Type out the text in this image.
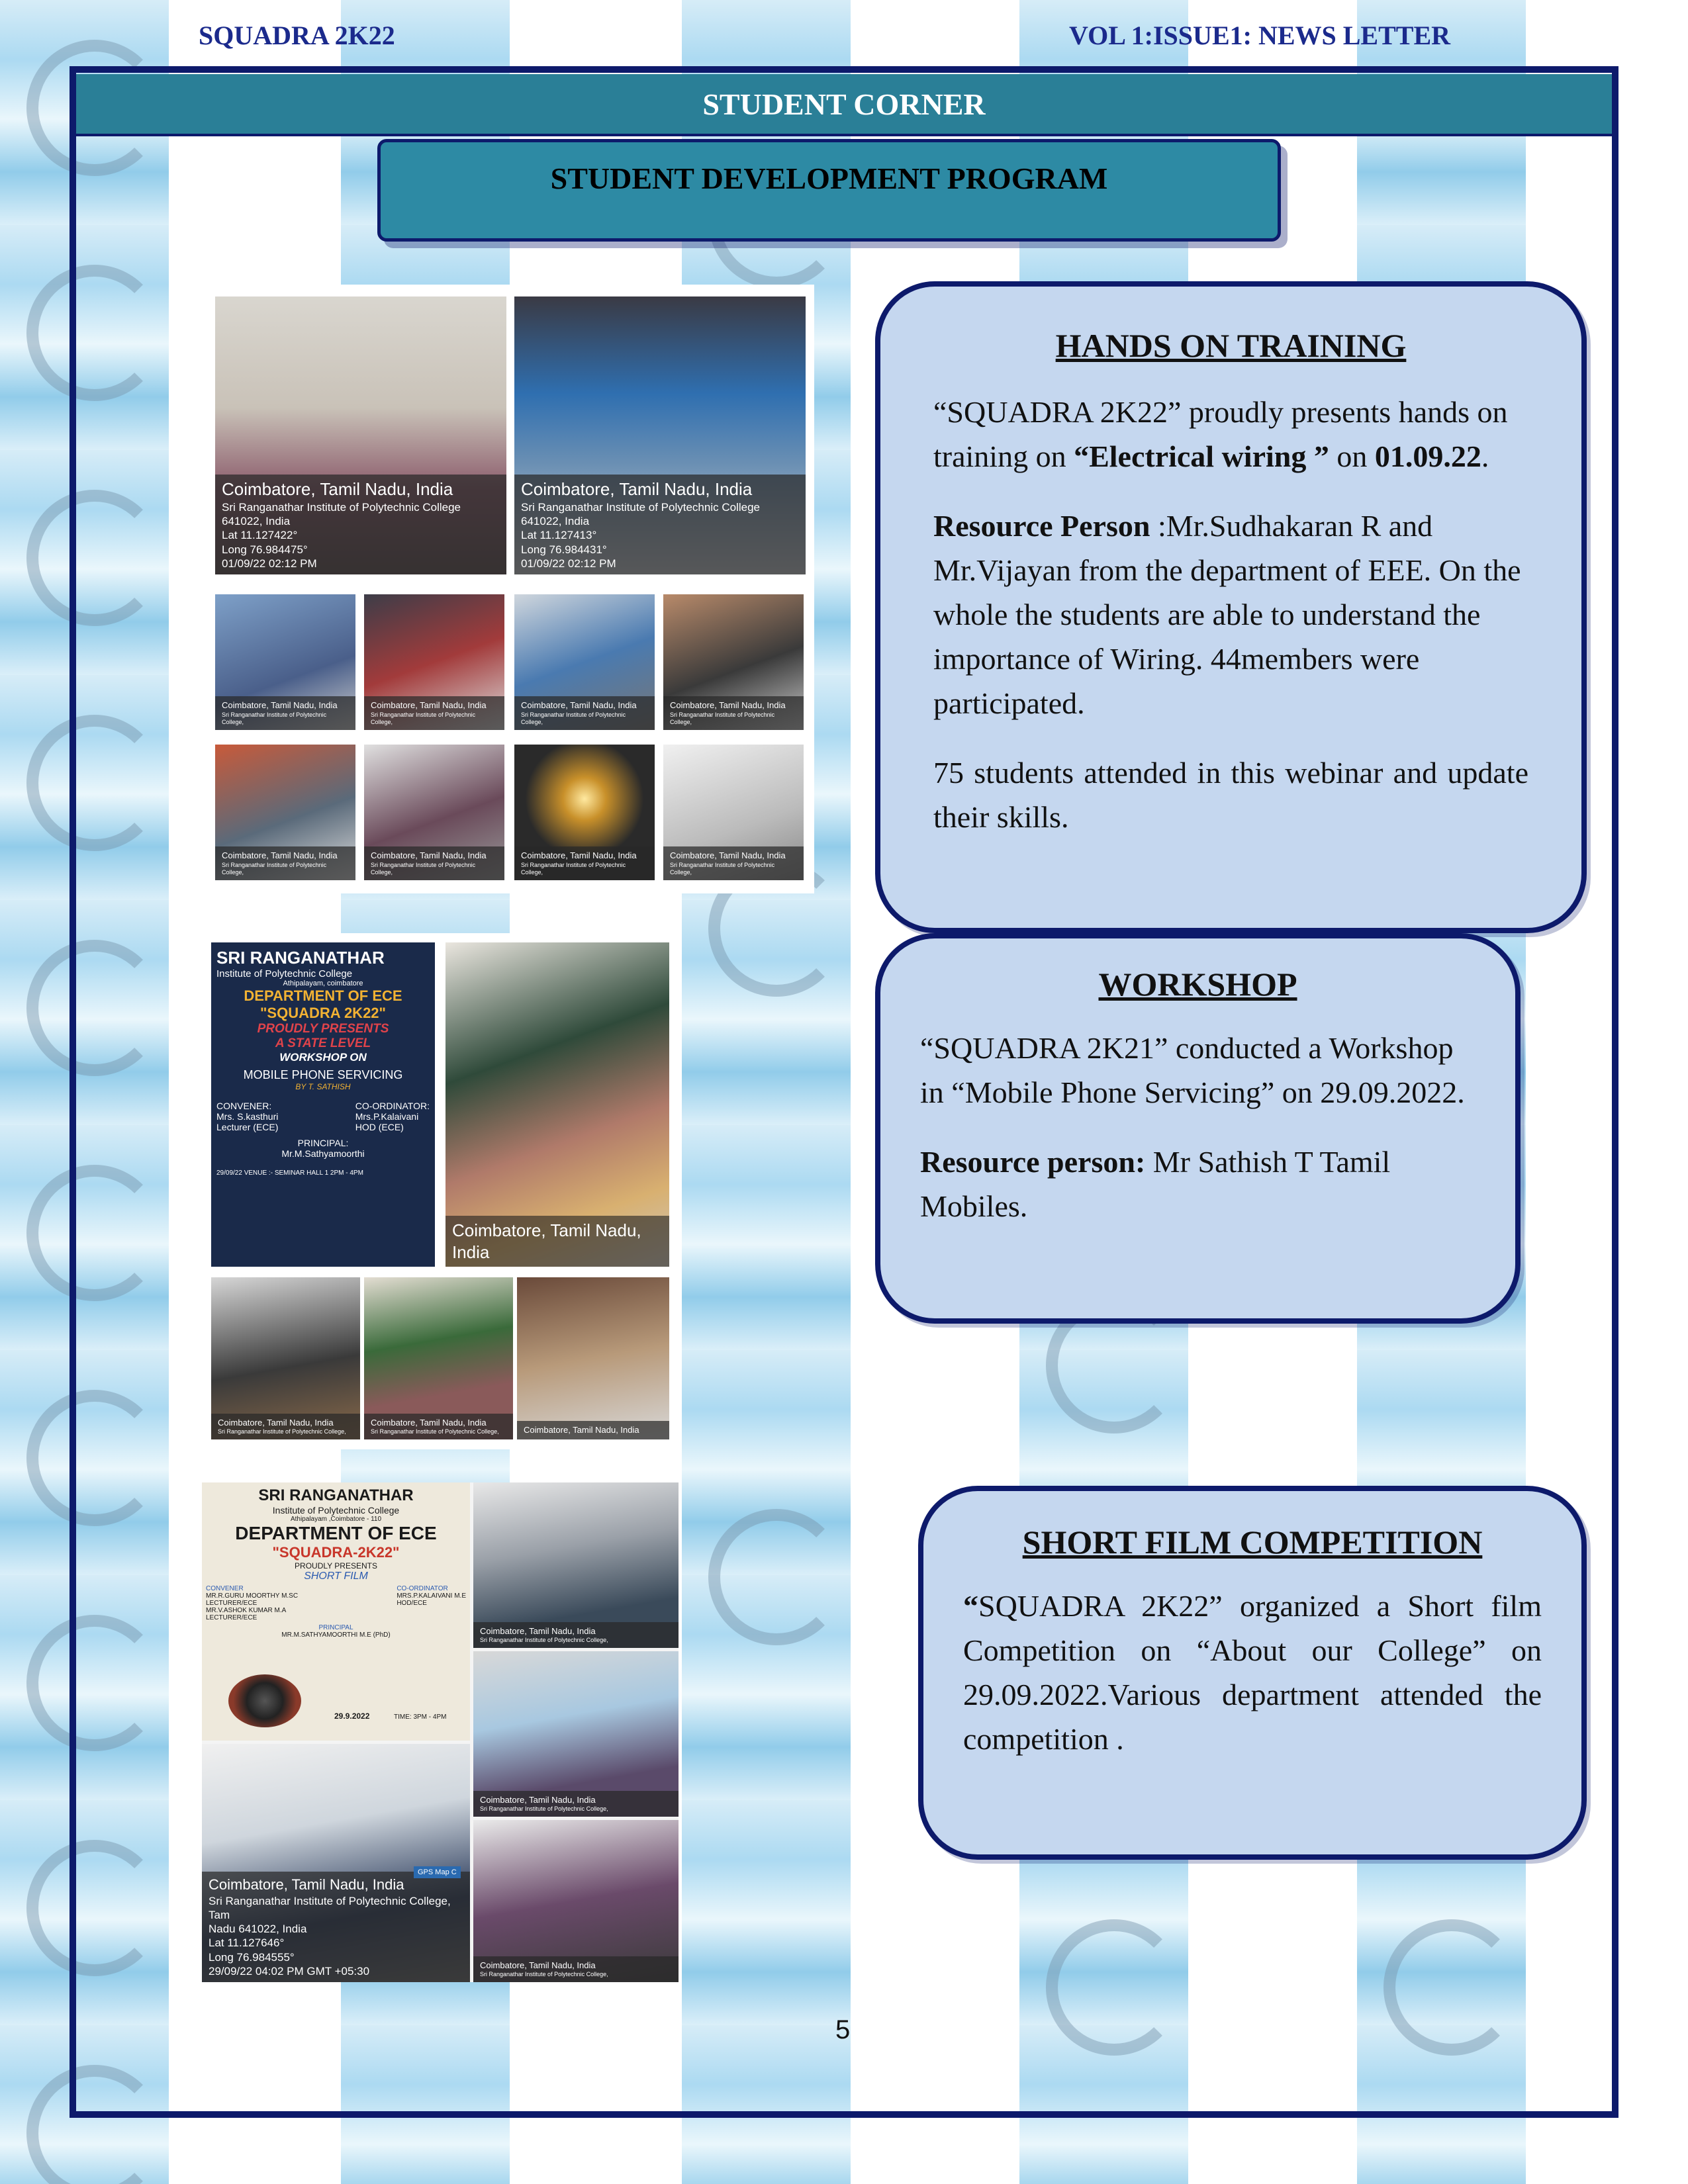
SQUADRA 2K22	VOL 1:ISSUE1: NEWS LETTER
STUDENT CORNER
STUDENT DEVELOPMENT PROGRAM
Coimbatore, Tamil Nadu, India
Sri Ranganathar Institute of Polytechnic College
641022, India
Lat 11.127422°
Long 76.984475°
01/09/22 02:12 PM
Coimbatore, Tamil Nadu, India
Sri Ranganathar Institute of Polytechnic College
641022, India
Lat 11.127413°
Long 76.984431°
01/09/22 02:12 PM
Coimbatore, Tamil Nadu, India
Sri Ranganathar Institute of Polytechnic College,
Coimbatore, Tamil Nadu, India
Sri Ranganathar Institute of Polytechnic College,
Coimbatore, Tamil Nadu, India
Sri Ranganathar Institute of Polytechnic College,
Coimbatore, Tamil Nadu, India
Sri Ranganathar Institute of Polytechnic College,
Coimbatore, Tamil Nadu, India
Sri Ranganathar Institute of Polytechnic College,
Coimbatore, Tamil Nadu, India
Sri Ranganathar Institute of Polytechnic College,
Coimbatore, Tamil Nadu, India
Sri Ranganathar Institute of Polytechnic College,
Coimbatore, Tamil Nadu, India
Sri Ranganathar Institute of Polytechnic College,
HANDS ON TRAINING

“SQUADRA 2K22” proudly presents hands on training on “Electrical wiring ” on 01.09.22.

Resource Person :Mr.Sudhakaran R and Mr.Vijayan from the department of EEE. On the whole the students are able to understand the importance of Wiring. 44members were participated.

75 students attended in this webinar and update their skills.

SRI RANGANATHAR
Institute of Polytechnic College
Athipalayam, coimbatore
DEPARTMENT OF ECE
"SQUADRA 2K22"
PROUDLY PRESENTS
A STATE LEVEL
WORKSHOP ON
MOBILE PHONE SERVICING
BY T. SATHISH
CONVENER:
Mrs. S.kasthuri
Lecturer (ECE)
CO-ORDINATOR:
Mrs.P.Kalaivani
HOD (ECE)
PRINCIPAL:
Mr.M.Sathyamoorthi
29/09/22 VENUE :- SEMINAR HALL 1 2PM - 4PM
Coimbatore, Tamil Nadu, India
Coimbatore, Tamil Nadu, India
Sri Ranganathar Institute of Polytechnic College,
Coimbatore, Tamil Nadu, India
Sri Ranganathar Institute of Polytechnic College,	Coimbatore, Tamil Nadu, India
WORKSHOP

“SQUADRA 2K21” conducted a Workshop in “Mobile Phone Servicing” on 29.09.2022.

Resource person: Mr Sathish T Tamil Mobiles.

SRI RANGANATHAR
Institute of Polytechnic College
Athipalayam ,Coimbatore - 110
DEPARTMENT OF ECE
"SQUADRA-2K22"
PROUDLY PRESENTS
SHORT FILM
CONVENER
MR.R.GURU MOORTHY M.SC
LECTURER/ECE
MR.V.ASHOK KUMAR M.A
LECTURER/ECE
CO-ORDINATOR
MRS.P.KALAIVANI M.E
HOD/ECE
PRINCIPAL
MR.M.SATHYAMOORTHI M.E (PhD)
29.9.2022	TIME: 3PM - 4PM
Coimbatore, Tamil Nadu, India
Sri Ranganathar Institute of Polytechnic College,
Coimbatore, Tamil Nadu, India
Sri Ranganathar Institute of Polytechnic College,
Coimbatore, Tamil Nadu, India
Sri Ranganathar Institute of Polytechnic College, Tam
Nadu 641022, India
Lat 11.127646°
Long 76.984555°
29/09/22 04:02 PM GMT +05:30	Coimbatore, Tamil Nadu, India
Sri Ranganathar Institute of Polytechnic College,
GPS Map C
SHORT FILM COMPETITION

“SQUADRA 2K22” organized a Short film Competition on “About our College” on 29.09.2022.Various department attended the competition .

5
